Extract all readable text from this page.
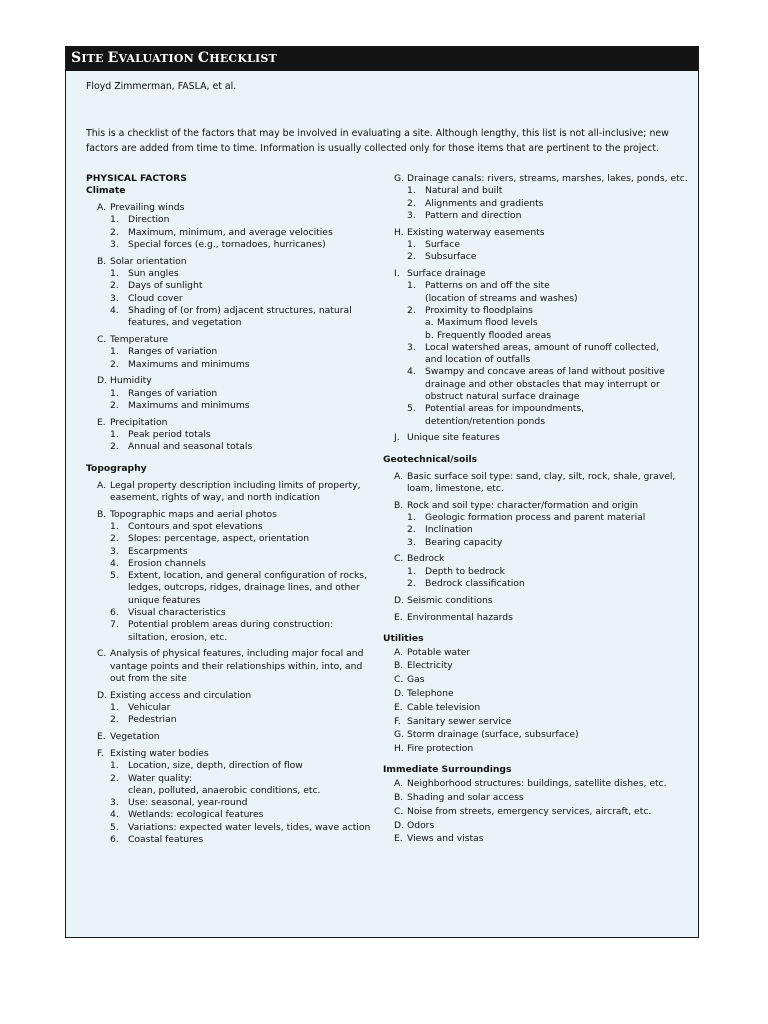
SITE EVALUATION CHECKLIST
Floyd Zimmerman, FASLA, et al.
This is a checklist of the factors that may be involved in evaluating a site. Although lengthy, this list is not all-inclusive; new
factors are added from time to time. Information is usually collected only for those items that are pertinent to the project.
PHYSICAL FACTORS
Climate
A. Prevailing winds
1.	Direction
2.	Maximum, minimum, and average velocities
3.	Special forces (e.g., tornadoes, hurricanes)
B. Solar orientation
1.	Sun angles
2.	Days of sunlight
3.	Cloud cover
4.	Shading of (or from) adjacent structures, natural
features, and vegetation
C. Temperature
1.	Ranges of variation
2.	Maximums and minimums
D. Humidity
1.	Ranges of variation
2.	Maximums and minimums
E. Precipitation
1.	Peak period totals
2.	Annual and seasonal totals
Topography
A. Legal property description including limits of property,
easement, rights of way, and north indication
B. Topographic maps and aerial photos
1.	Contours and spot elevations
2.	Slopes: percentage, aspect, orientation
3.	Escarpments
4.	Erosion channels
5.	Extent, location, and general configuration of rocks,
ledges, outcrops, ridges, drainage lines, and other
unique features
6.	Visual characteristics
7.	Potential problem areas during construction:
siltation, erosion, etc.
C. Analysis of physical features, including major focal and
vantage points and their relationships within, into, and
out from the site
D. Existing access and circulation
1.	Vehicular
2.	Pedestrian
E. Vegetation
F. Existing water bodies
1.	Location, size, depth, direction of flow
2.	Water quality:
clean, polluted, anaerobic conditions, etc.
3.	Use: seasonal, year-round
4.	Wetlands: ecological features
5.	Variations: expected water levels, tides, wave action
6.	Coastal features
G. Drainage canals: rivers, streams, marshes, lakes, ponds, etc.
1.	Natural and built
2.	Alignments and gradients
3.	Pattern and direction
H. Existing waterway easements
1.	Surface
2.	Subsurface
I. Surface drainage
1.	Patterns on and off the site
(location of streams and washes)
2.	Proximity to floodplains
a. Maximum flood levels
b. Frequently flooded areas
3.	Local watershed areas, amount of runoff collected,
and location of outfalls
4.	Swampy and concave areas of land without positive
drainage and other obstacles that may interrupt or
obstruct natural surface drainage
5.	Potential areas for impoundments,
detention/retention ponds
J. Unique site features
Geotechnical/soils
A. Basic surface soil type: sand, clay, silt, rock, shale, gravel,
loam, limestone, etc.
B. Rock and soil type: character/formation and origin
1.	Geologic formation process and parent material
2.	Inclination
3.	Bearing capacity
C. Bedrock
1.	Depth to bedrock
2.	Bedrock classification
D. Seismic conditions
E. Environmental hazards
Utilities
A. Potable water
B. Electricity
C. Gas
D. Telephone
E. Cable television
F. Sanitary sewer service
G. Storm drainage (surface, subsurface)
H. Fire protection
Immediate Surroundings
A. Neighborhood structures: buildings, satellite dishes, etc.
B. Shading and solar access
C. Noise from streets, emergency services, aircraft, etc.
D. Odors
E. Views and vistas
